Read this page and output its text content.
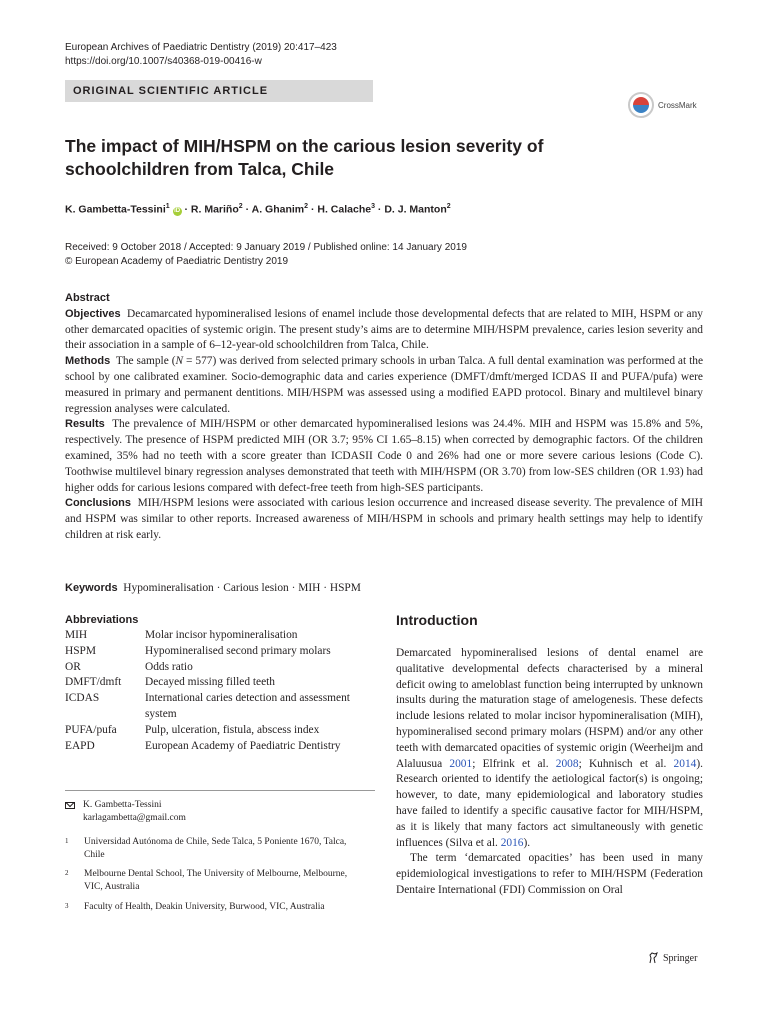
European Archives of Paediatric Dentistry (2019) 20:417–423
https://doi.org/10.1007/s40368-019-00416-w
ORIGINAL SCIENTIFIC ARTICLE
CrossMark
The impact of MIH/HSPM on the carious lesion severity of schoolchildren from Talca, Chile
K. Gambetta-Tessini$^1$ iD · R. Mariño$^2$ · A. Ghanim$^2$ · H. Calache$^3$ · D. J. Manton$^2$
Received: 9 October 2018 / Accepted: 9 January 2019 / Published online: 14 January 2019
© European Academy of Paediatric Dentistry 2019
Abstract

Objectives Decamarcated hypomineralised lesions of enamel include those developmental defects that are related to MIH, HSPM or any other demarcated opacities of systemic origin. The present study’s aims are to determine MIH/HSPM prevalence, caries lesion severity and their association in a sample of 6–12-year-old schoolchildren from Talca, Chile.

Methods The sample (N = 577) was derived from selected primary schools in urban Talca. A full dental examination was performed at the school by one calibrated examiner. Socio-demographic data and caries experience (DMFT/dmft/merged ICDAS II and PUFA/pufa) were measured in primary and permanent dentitions. MIH/HSPM was assessed using a modified EAPD protocol. Binary and multilevel binary regression analyses were calculated.

Results The prevalence of MIH/HSPM or other demarcated hypomineralised lesions was 24.4%. MIH and HSPM was 15.8% and 5%, respectively. The presence of HSPM predicted MIH (OR 3.7; 95% CI 1.65–8.15) when corrected by demographic factors. Of the children examined, 35% had no teeth with a score greater than ICDASII Code 0 and 26% had one or more severe carious lesions (Code C). Toothwise multilevel binary regression analyses demonstrated that teeth with MIH/HSPM (OR 3.70) from low-SES children (OR 1.93) had higher odds for carious lesions compared with defect-free teeth from high-SES participants.

Conclusions MIH/HSPM lesions were associated with carious lesion occurrence and increased disease severity. The prevalence of MIH and HSPM was similar to other reports. Increased awareness of MIH/HSPM in schools and primary health settings may help to identify children at risk early.

Keywords Hypomineralisation · Carious lesion · MIH · HSPM
Abbreviations
MIH	Molar incisor hypomineralisation
HSPM	Hypomineralised second primary molars
OR	Odds ratio
DMFT/dmft	Decayed missing filled teeth
ICDAS	International caries detection and assessment system
PUFA/pufa	Pulp, ulceration, fistula, abscess index
EAPD	European Academy of Paediatric Dentistry
K. Gambetta-Tessini
karlagambetta@gmail.com
1	Universidad Autónoma de Chile, Sede Talca, 5 Poniente 1670, Talca, Chile
2	Melbourne Dental School, The University of Melbourne, Melbourne, VIC, Australia
3	Faculty of Health, Deakin University, Burwood, VIC, Australia
Introduction

Demarcated hypomineralised lesions of dental enamel are qualitative developmental defects characterised by a mineral deficit owing to ameloblast function being interrupted by unknown insults during the maturation stage of amelogenesis. These defects include lesions related to molar incisor hypomineralisation (MIH), hypomineralised second primary molars (HSPM) and/or any other teeth with demarcated opacities of systemic origin (Weerheijm and Alaluusua 2001; Elfrink et al. 2008; Kuhnisch et al. 2014). Research oriented to identify the aetiological factor(s) is ongoing; however, to date, many epidemiological and laboratory studies have failed to identify a specific causative factor for MIH/HSPM, as it is likely that many factors act simultaneously with genetic influences (Silva et al. 2016).

The term ‘demarcated opacities’ has been used in many epidemiological investigations to refer to MIH/HSPM (Federation Dentaire International (FDI) Commission on Oral

Springer
